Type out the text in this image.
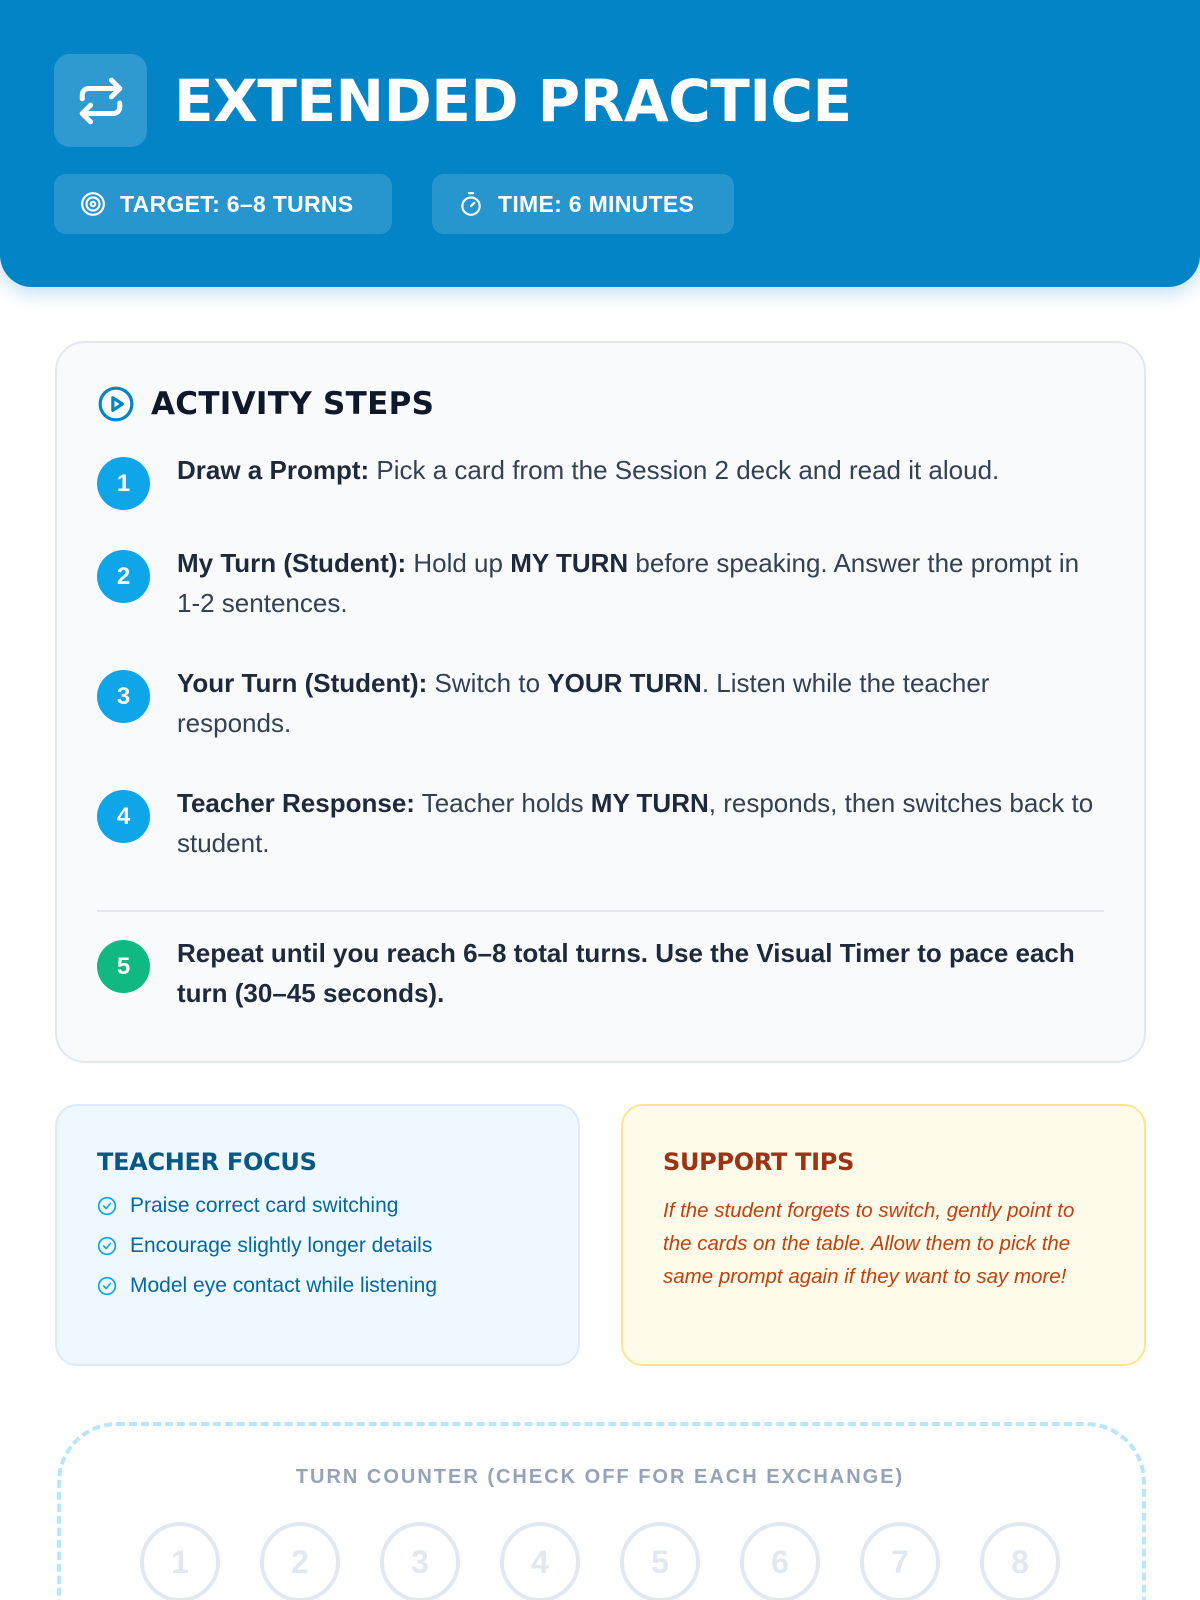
EXTENDED PRACTICE
TARGET: 6–8 TURNS	TIME: 6 MINUTES
ACTIVITY STEPS
1	Draw a Prompt: Pick a card from the Session 2 deck and read it aloud.
2	My Turn (Student): Hold up MY TURN before speaking. Answer the prompt in 1-2 sentences.
3	Your Turn (Student): Switch to YOUR TURN. Listen while the teacher responds.
4	Teacher Response: Teacher holds MY TURN, responds, then switches back to student.
5	Repeat until you reach 6–8 total turns. Use the Visual Timer to pace each turn (30–45 seconds).
TEACHER FOCUS
Praise correct card switching
Encourage slightly longer details
Model eye contact while listening
SUPPORT TIPS
If the student forgets to switch, gently point to the cards on the table. Allow them to pick the same prompt again if they want to say more!
TURN COUNTER (CHECK OFF FOR EACH EXCHANGE)
1	2	3	4	5	6	7	8
